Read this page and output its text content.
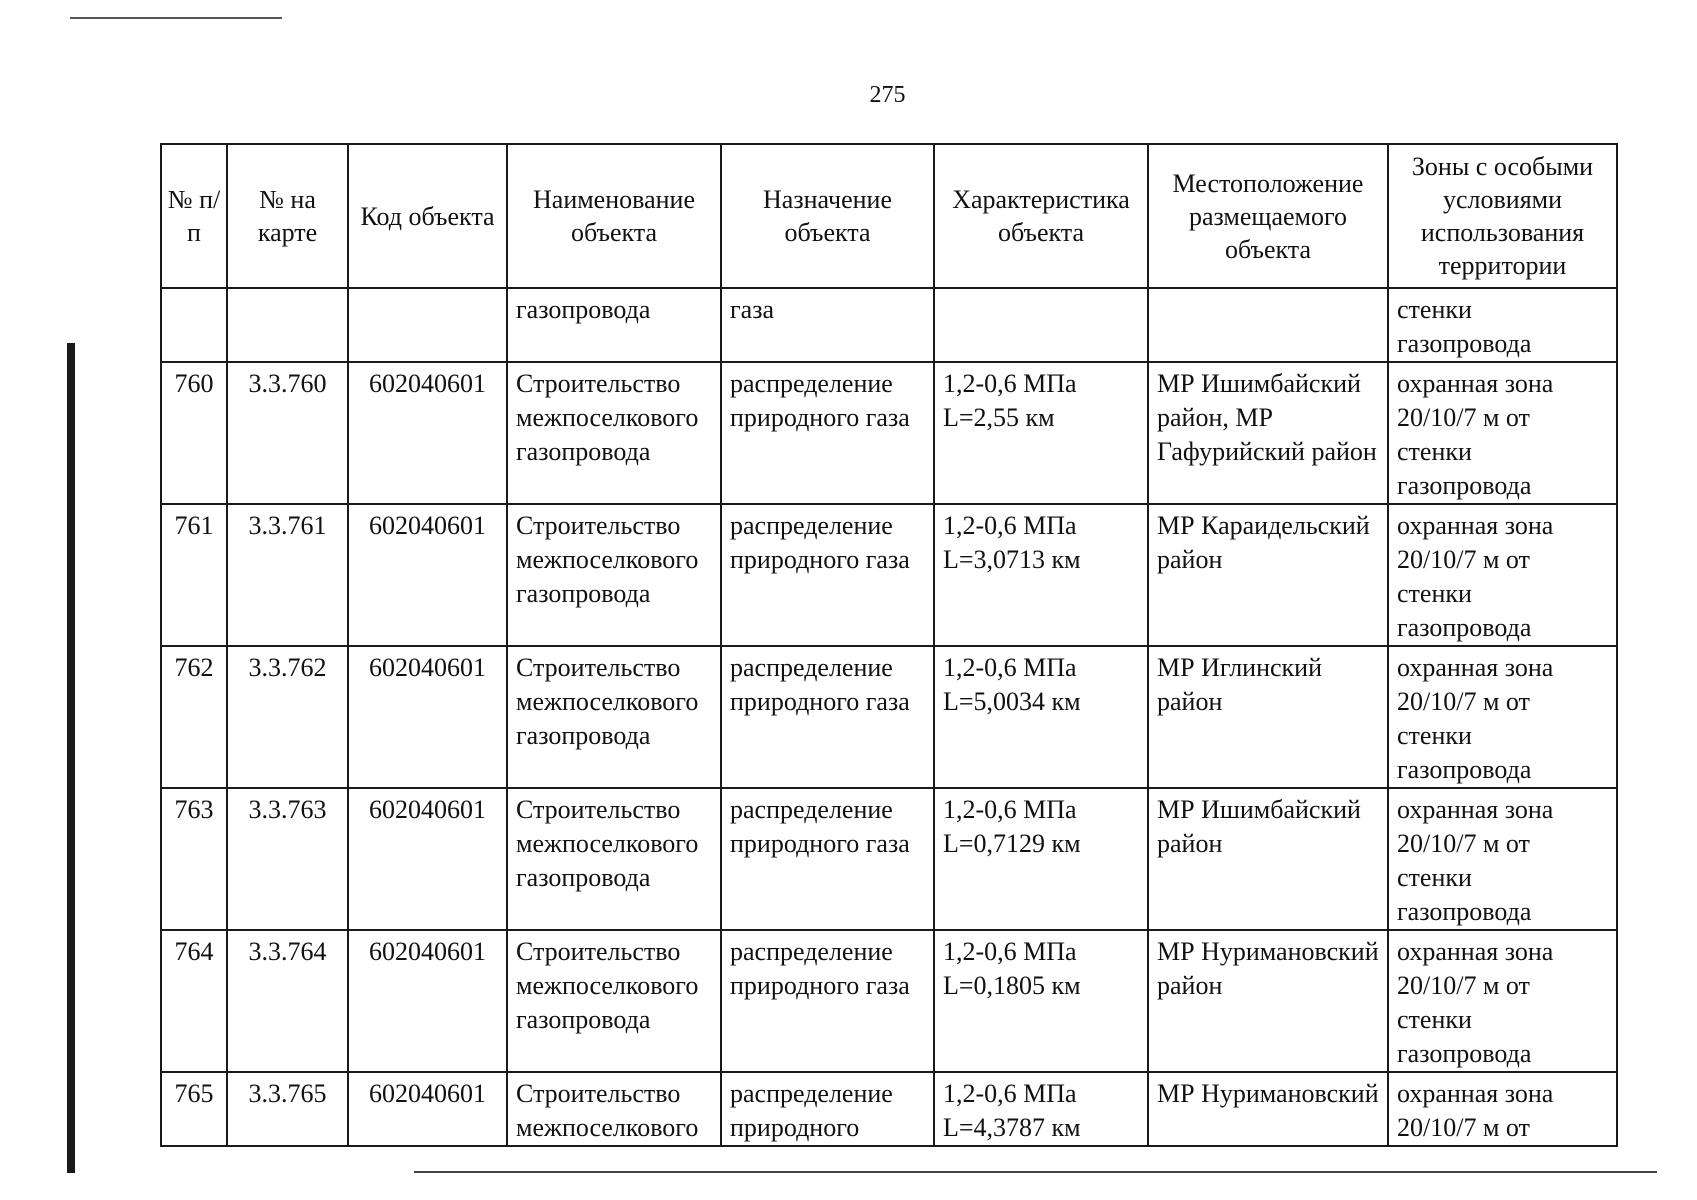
275
№ п/п	№ на карте	Код объекта	Наименование объекта	Назначение объекта	Характеристика объекта	Местоположение размещаемого объекта	Зоны с особыми условиями использования территории
			газопровода	газа			стенки газопровода
760	3.3.760	602040601	Строительство межпоселкового газопровода	распределение природного газа	1,2-0,6 МПа L=2,55 км	МР Ишимбайский район, МР Гафурийский район	охранная зона 20/10/7 м от стенки газопровода
761	3.3.761	602040601	Строительство межпоселкового газопровода	распределение природного газа	1,2-0,6 МПа L=3,0713 км	МР Караидельский район	охранная зона 20/10/7 м от стенки газопровода
762	3.3.762	602040601	Строительство межпоселкового газопровода	распределение природного газа	1,2-0,6 МПа L=5,0034 км	МР Иглинский район	охранная зона 20/10/7 м от стенки газопровода
763	3.3.763	602040601	Строительство межпоселкового газопровода	распределение природного газа	1,2-0,6 МПа L=0,7129 км	МР Ишимбайский район	охранная зона 20/10/7 м от стенки газопровода
764	3.3.764	602040601	Строительство межпоселкового газопровода	распределение природного газа	1,2-0,6 МПа L=0,1805 км	МР Нуримановский район	охранная зона 20/10/7 м от стенки газопровода
765	3.3.765	602040601	Строительство межпоселкового	распределение природного	1,2-0,6 МПа L=4,3787 км	МР Нуримановский	охранная зона 20/10/7 м от
